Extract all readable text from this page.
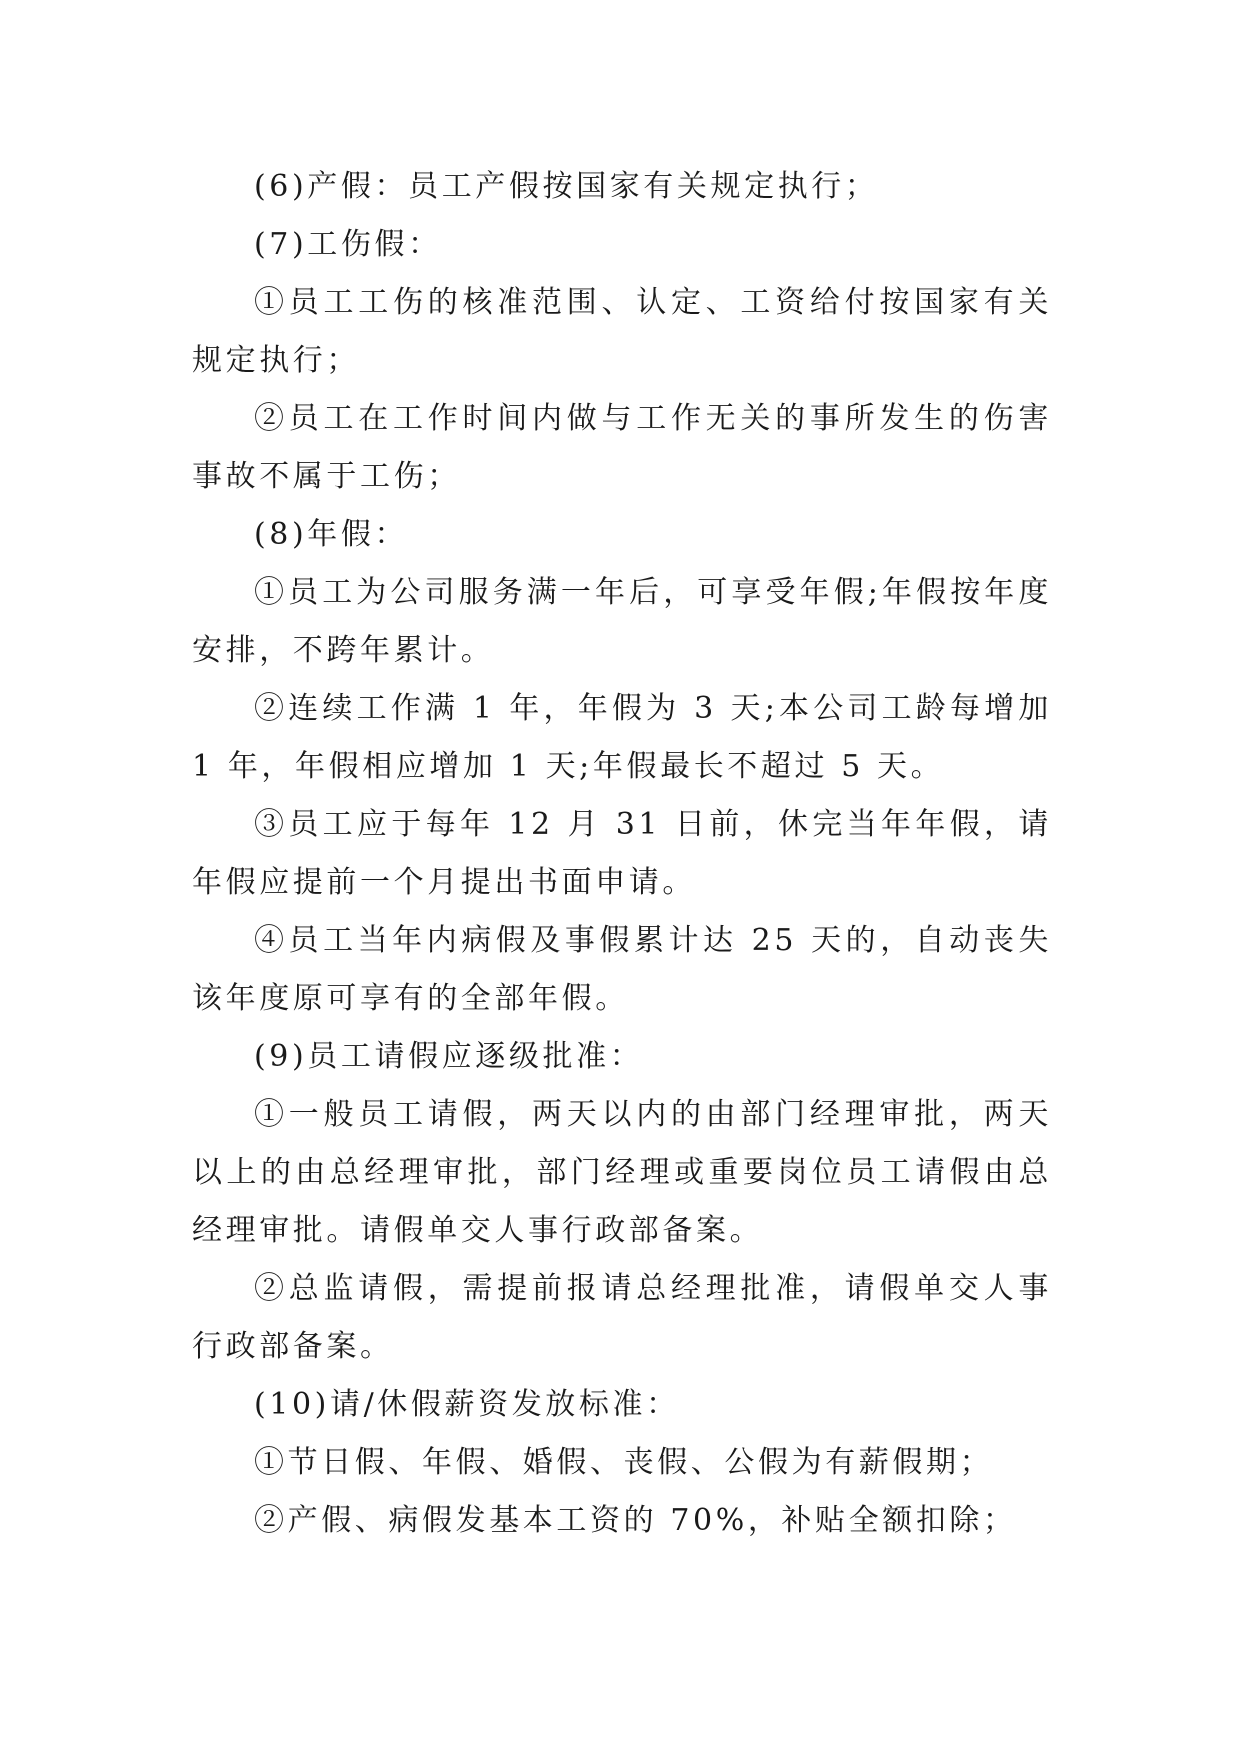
(6)产假：员工产假按国家有关规定执行；

(7)工伤假：

①员工工伤的核准范围、认定、工资给付按国家有关规定执行；

②员工在工作时间内做与工作无关的事所发生的伤害事故不属于工伤；

(8)年假：

①员工为公司服务满一年后，可享受年假;年假按年度安排，不跨年累计。

②连续工作满 1 年，年假为 3 天;本公司工龄每增加 1 年，年假相应增加 1 天;年假最长不超过 5 天。

③员工应于每年 12 月 31 日前，休完当年年假，请年假应提前一个月提出书面申请。

④员工当年内病假及事假累计达 25 天的，自动丧失该年度原可享有的全部年假。

(9)员工请假应逐级批准：

①一般员工请假，两天以内的由部门经理审批，两天以上的由总经理审批，部门经理或重要岗位员工请假由总经理审批。请假单交人事行政部备案。

②总监请假，需提前报请总经理批准，请假单交人事行政部备案。

(10)请/休假薪资发放标准：

①节日假、年假、婚假、丧假、公假为有薪假期；

②产假、病假发基本工资的 70%，补贴全额扣除；
